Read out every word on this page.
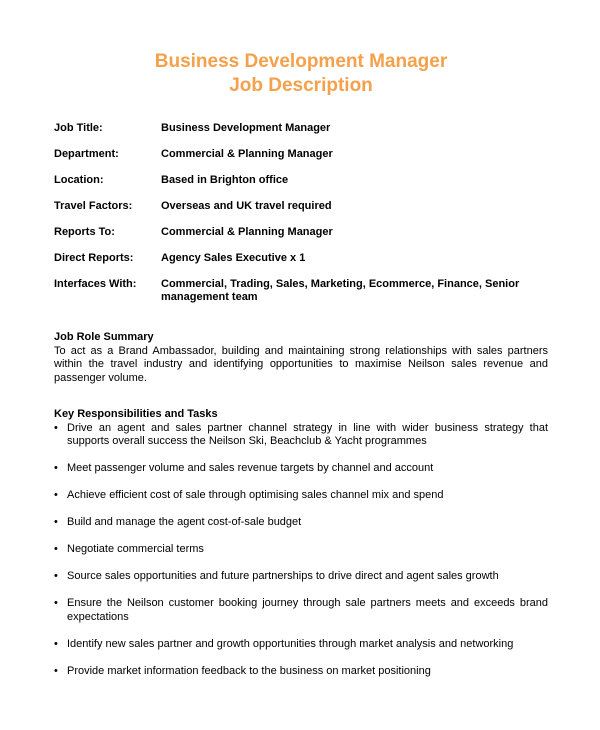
Business Development Manager

Job Description

Job Title:	Business Development Manager
Department:	Commercial & Planning Manager
Location:	Based in Brighton office
Travel Factors:	Overseas and UK travel required
Reports To:	Commercial & Planning Manager
Direct Reports:	Agency Sales Executive x 1
Interfaces With:	Commercial, Trading, Sales, Marketing, Ecommerce, Finance, Senior management team

Job Role Summary

To act as a Brand Ambassador, building and maintaining strong relationships with sales partners within the travel industry and identifying opportunities to maximise Neilson sales revenue and passenger volume.

Key Responsibilities and Tasks

• Drive an agent and sales partner channel strategy in line with wider business strategy that supports overall success the Neilson Ski, Beachclub & Yacht programmes
• Meet passenger volume and sales revenue targets by channel and account
• Achieve efficient cost of sale through optimising sales channel mix and spend
• Build and manage the agent cost-of-sale budget
• Negotiate commercial terms
• Source sales opportunities and future partnerships to drive direct and agent sales growth
• Ensure the Neilson customer booking journey through sale partners meets and exceeds brand expectations
• Identify new sales partner and growth opportunities through market analysis and networking
• Provide market information feedback to the business on market positioning
